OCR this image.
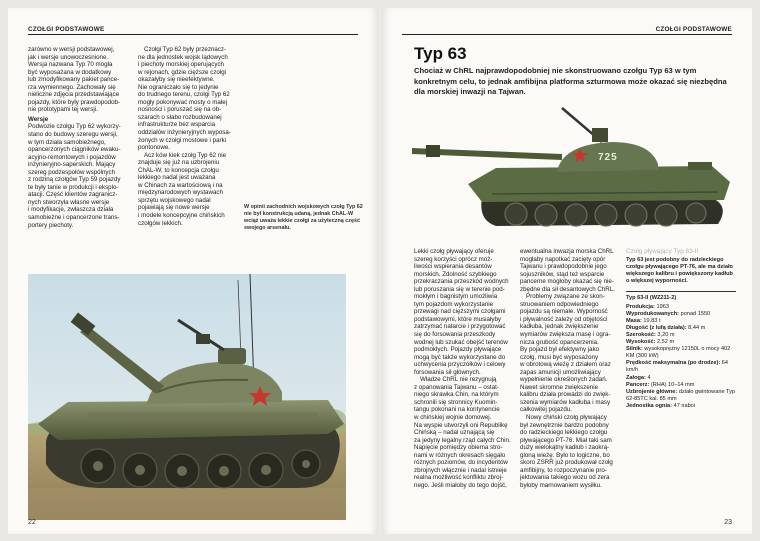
CZOŁGI PODSTAWOWE
zarówno w wersji podstawowej,
jak i wersje unowocześnione.
Wersja nazwana Typ 70 mogła
być wyposażana w dodatkowy
lub zmodyfikowany pakiet pance-
rza wymiennego. Zachowały się
nieliczne zdjęcia przedstawiające
pojazdy, które były prawdopodob-
nie prototypami tej wersji.
Wersje
Podwozie czołgu Typ 62 wykorzy-
stano do budowy szeregu wersji,
w tym działa samobieżnego,
opancerzonych ciągników ewaku-
acyjno-remontowych i pojazdów
inżynieryjno-saperskich. Mający
szereg podzespołów wspólnych
z rodziną czołgów Typ 59 pojazdy
te były tanie w produkcji i eksplo-
atacji. Część klientów zagranicz-
nych stworzyła własne wersje
i modyfikacje, zwłaszcza działa
samobieżne i opancerzone trans-
portery piechoty.
Czołgi Typ 62 były przeznacz-
ne dla jednostek wojsk lądowych
i piechoty morskiej operujących
w rejonach, gdzie cięższe czołgi
okazałyby się nieefektywne.
Nie ograniczało się to jedynie
do trudnego terenu, czołgi Typ 62
mogły pokonywać mosty o małej
nośności i poruszać się na ob-
szarach o słabo rozbudowanej
infrastrukturze bez wsparcia
oddziałów inżynieryjnych wyposa-
żonych w czołgi mostowe i parki
pontonowe.
Acz ków kiek czołg Typ 62 nie
znajduje się już na uzbrojeniu
ChAL-W, to koncepcja czołgu
lekkiego nadal jest uważana
w Chinach za wartościową i na
międzynarodowych wystawach
sprzętu wojskowego nadal
pojawiają się nowe wersje
i modele koncepcyjne chińskich
czołgów lekkich.
W opinii zachodnich wojskowych czołg Typ 62 nie był konstrukcją udaną, jednak ChAL-W wciąż uważa lekkie czołgi za użyteczną część swojego arsenału.
22
CZOŁGI PODSTAWOWE
Typ 63
Chociaż w ChRL najprawdopodobniej nie skonstruowano czołgu Typ 63 w tym konkretnym celu, to jednak amfibijna platforma szturmowa może okazać się niezbędna dla morskiej inwazji na Tajwan.
725
Lekki czołg pływający oferuje
szereg korzyści oprócz moż-
liwości wspierania desantów
morskich. Zdolność szybkiego
przekraczania przeszkód wodnych
lub poruszania się w terenie pod-
mokłym i bagnistym umożliwia
tym pojazdom wykorzystanie
przewagi nad cięższymi czołgami
podstawowymi, które musiałyby
zatrzymać natarcie i przygotować
się do forsowania przeszkody
wodnej lub szukać obejść terenów
podmokłych. Pojazdy pływające
mogą być także wykorzystane do
uchwycenia przyczółków i celowy
forsowania sił głównych.
Władze ChRL nie rezygnują
z opanowania Tajwanu – ostat-
niego skrawka Chin, na którym
schronili się stronnicy Kuomin-
tangu pokonani na kontynencie
w chińskiej wojnie domowej.
Na wyspie utworzyli oni Republikę
Chińską – nadal uznającą się
za jedyny legalny rząd całych Chin.
Napięcie pomiędzy obiema stro-
nami w różnych okresach sięgało
różnych poziomów, do incydentów
zbrojnych włącznie i nadal istnieje
realna możliwość konfliktu zbroj-
nego. Jeśli miałoby do tego dojść,
ewentualna inwazja morska ChRL
mogłaby napotkać zacięty opór
Tajwanu i prawdopodobnie jego
sojuszników, stąd też wsparcie
pancerne mogłoby okazać się nie-
zbędne dla sił desantowych ChRL.
Problemy związane ze skon-
struowaniem odpowiedniego
pojazdu są niemałe. Wyporność
i pływalność zależy od objętości
kadłuba, jednak zwiększenie
wymiarów zwiększa masę i ogra-
nicza grubość opancerzenia.
By pojazd był efektywny jako
czołg, musi być wyposażony
w obrotową wieżę z działem oraz
zapas amunicji umożliwiający
wypełnienie określonych zadań.
Nawet skromne zwiększenie
kalibru działa prowadzi do zwięk-
szenia wymiarów kadłuba i masy
całkowitej pojazdu.
Nowy chiński czołg pływający
był zewnętrznie bardzo podobny
do radzieckiego lekkiego czołgu
pływającego PT-76. Miał taki sam
duży wielokątny kadłub i zaokrą-
gloną wieżę. Było to logiczne, bo
skoro ZSRR już produkował czołg
amfibijny, to rozpoczynanie pro-
jektowania takiego wozu od zera
byłoby marnowaniem wysiłku.
Czołg pływający Typ 63-II
Typ 63 jest podobny do radzieckiego czołgu pływającego PT-76, ale ma działo większego kalibru i powiększony kadłub o większej wyporności.
Typ 63-II (WZ211-2)
Produkcja: 1963
Wyprodukowanych: ponad 1550
Masa: 19,83 t
Długość (z lufą działa): 8,44 m
Szerokość: 3,20 m
Wysokość: 2,52 m
Silnik: wysokoprężny 12150L o mocy 402 KM (300 kW)
Prędkość maksymalna (po drodze): 64 km/h
Załoga: 4
Pancerz: (RHA) 10–14 mm
Uzbrojenie główne: działo gwintowane Typ 62-85TC kal. 85 mm
Jednostka ognia: 47 naboi
23
